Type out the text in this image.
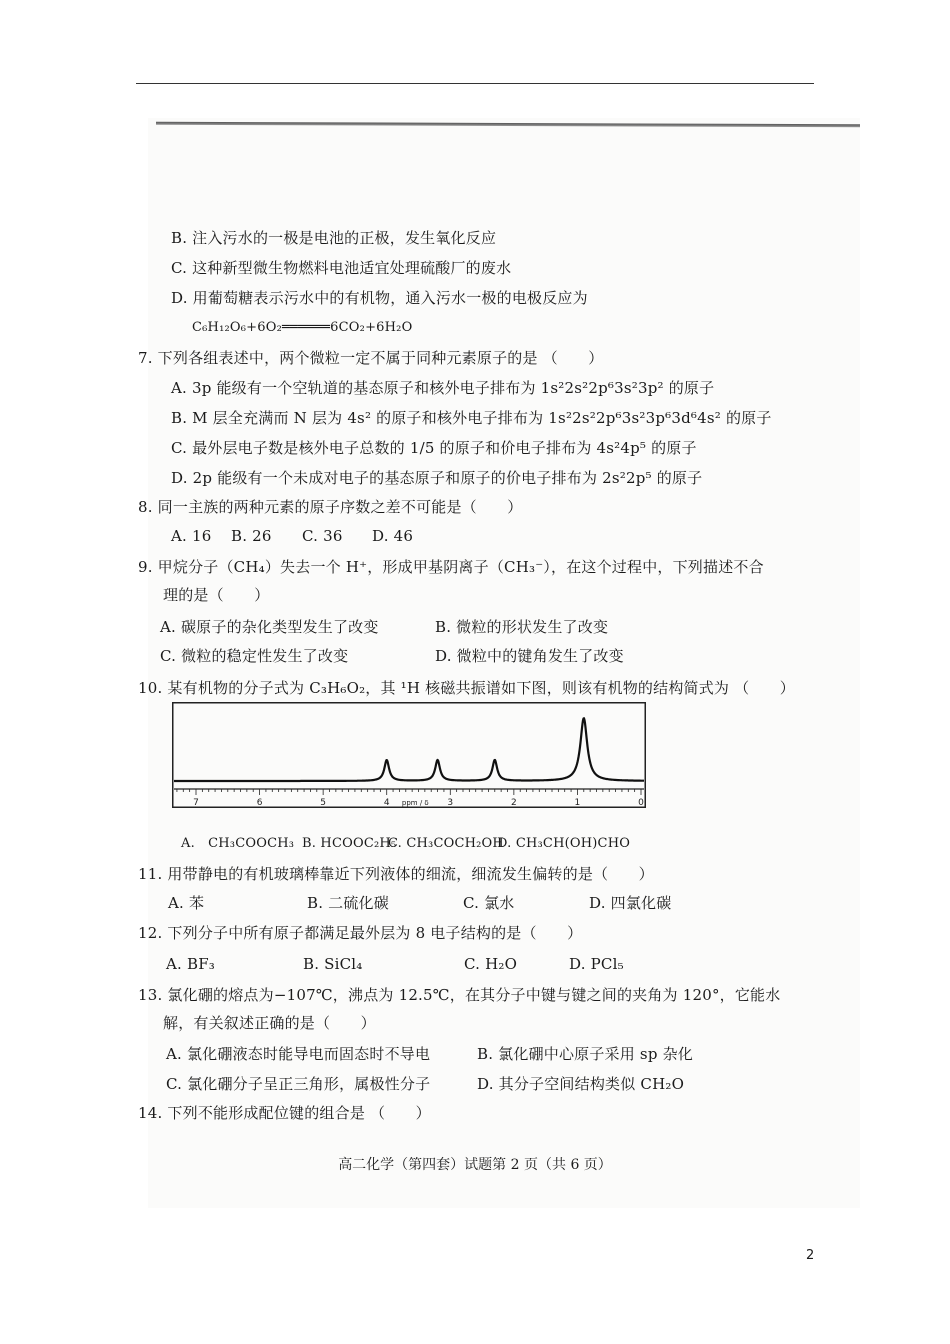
B. 注入污水的一极是电池的正极，发生氧化反应
C. 这种新型微生物燃料电池适宜处理硫酸厂的废水
D. 用葡萄糖表示污水中的有机物，通入污水一极的电极反应为
C₆H₁₂O₆+6O₂══════6CO₂+6H₂O
7. 下列各组表述中，两个微粒一定不属于同种元素原子的是 （　　）
A. 3p 能级有一个空轨道的基态原子和核外电子排布为 1s²2s²2p⁶3s²3p² 的原子
B. M 层全充满而 N 层为 4s² 的原子和核外电子排布为 1s²2s²2p⁶3s²3p⁶3d⁶4s² 的原子
C. 最外层电子数是核外电子总数的 1/5 的原子和价电子排布为 4s²4p⁵ 的原子
D. 2p 能级有一个未成对电子的基态原子和原子的价电子排布为 2s²2p⁵ 的原子
8. 同一主族的两种元素的原子序数之差不可能是（　　）
A. 16 B. 26 C. 36 D. 46
9. 甲烷分子（CH₄）失去一个 H⁺，形成甲基阴离子（CH₃⁻），在这个过程中，下列描述不合
理的是（　　）
A. 碳原子的杂化类型发生了改变	B. 微粒的形状发生了改变
C. 微粒的稳定性发生了改变	D. 微粒中的键角发生了改变
10. 某有机物的分子式为 C₃H₆O₂，其 ¹H 核磁共振谱如下图，则该有机物的结构简式为 （　　）
7	6	5	4	3	2	1	0
ppm / δ
A.　CH₃COOCH₃ B. HCOOC₂H₅
C. CH₃COCH₂OH
D. CH₃CH(OH)CHO
11. 用带静电的有机玻璃棒靠近下列液体的细流，细流发生偏转的是（　　）
A. 苯	B. 二硫化碳	C. 氯水	D. 四氯化碳
12. 下列分子中所有原子都满足最外层为 8 电子结构的是（　　）
A. BF₃	B. SiCl₄	C. H₂O	D. PCl₅
13. 氯化硼的熔点为−107℃，沸点为 12.5℃，在其分子中键与键之间的夹角为 120°，它能水
解，有关叙述正确的是（　　）
A. 氯化硼液态时能导电而固态时不导电	B. 氯化硼中心原子采用 sp 杂化
C. 氯化硼分子呈正三角形，属极性分子	D. 其分子空间结构类似 CH₂O
14. 下列不能形成配位键的组合是 （　　）
高二化学（第四套）试题第 2 页（共 6 页）
2
